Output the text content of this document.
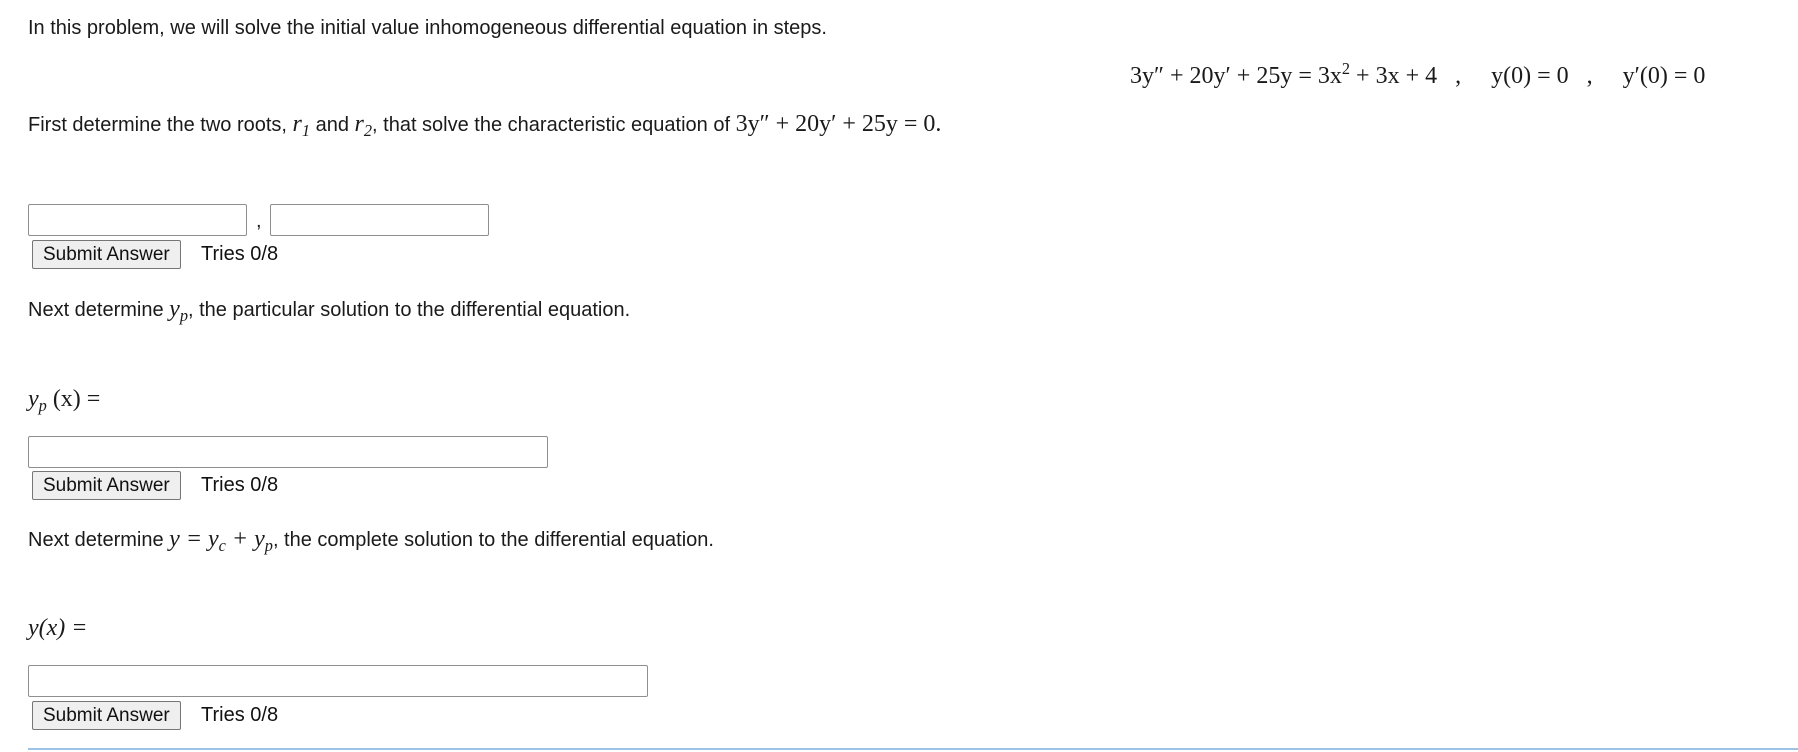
In this problem, we will solve the initial value inhomogeneous differential equation in steps.
$3y'' + 20y' + 25y = 3x^2 + 3x + 4$ , y(0) = 0 , y′(0) = 0
First determine the two roots, $r_1$ and $r_2$, that solve the characteristic equation of 3y″ + 20y′ + 25y = 0.
,
Submit Answer	Tries 0/8
Next determine $y_p$, the particular solution to the differential equation.
$y_p$ (x) =
Submit Answer	Tries 0/8
Next determine $y = y_c + y_p$, the complete solution to the differential equation.
y(x) =
Submit Answer	Tries 0/8
